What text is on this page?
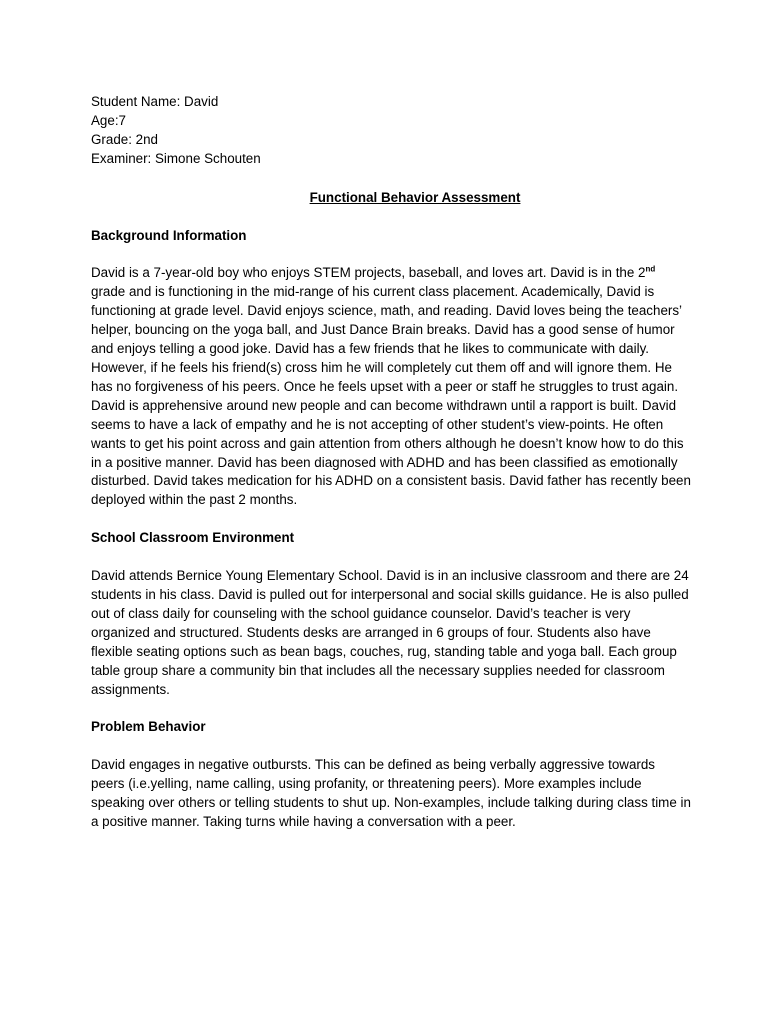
Student Name: David

Age:7

Grade: 2nd

Examiner: Simone Schouten

Functional Behavior Assessment
Background Information

David is a 7-year-old boy who enjoys STEM projects, baseball, and loves art. David is in the 2nd grade and is functioning in the mid-range of his current class placement. Academically, David is functioning at grade level. David enjoys science, math, and reading. David loves being the teachers’ helper, bouncing on the yoga ball, and Just Dance Brain breaks. David has a good sense of humor and enjoys telling a good joke. David has a few friends that he likes to communicate with daily. However, if he feels his friend(s) cross him he will completely cut them off and will ignore them. He has no forgiveness of his peers. Once he feels upset with a peer or staff he struggles to trust again. David is apprehensive around new people and can become withdrawn until a rapport is built. David seems to have a lack of empathy and he is not accepting of other student’s view-points. He often wants to get his point across and gain attention from others although he doesn’t know how to do this in a positive manner. David has been diagnosed with ADHD and has been classified as emotionally disturbed. David takes medication for his ADHD on a consistent basis. David father has recently been deployed within the past 2 months.

School Classroom Environment

David attends Bernice Young Elementary School. David is in an inclusive classroom and there are 24 students in his class. David is pulled out for interpersonal and social skills guidance. He is also pulled out of class daily for counseling with the school guidance counselor. David’s teacher is very organized and structured. Students desks are arranged in 6 groups of four. Students also have flexible seating options such as bean bags, couches, rug, standing table and yoga ball. Each group table group share a community bin that includes all the necessary supplies needed for classroom assignments.

Problem Behavior

David engages in negative outbursts. This can be defined as being verbally aggressive towards peers (i.e.yelling, name calling, using profanity, or threatening peers). More examples include speaking over others or telling students to shut up. Non-examples, include talking during class time in a positive manner. Taking turns while having a conversation with a peer.
